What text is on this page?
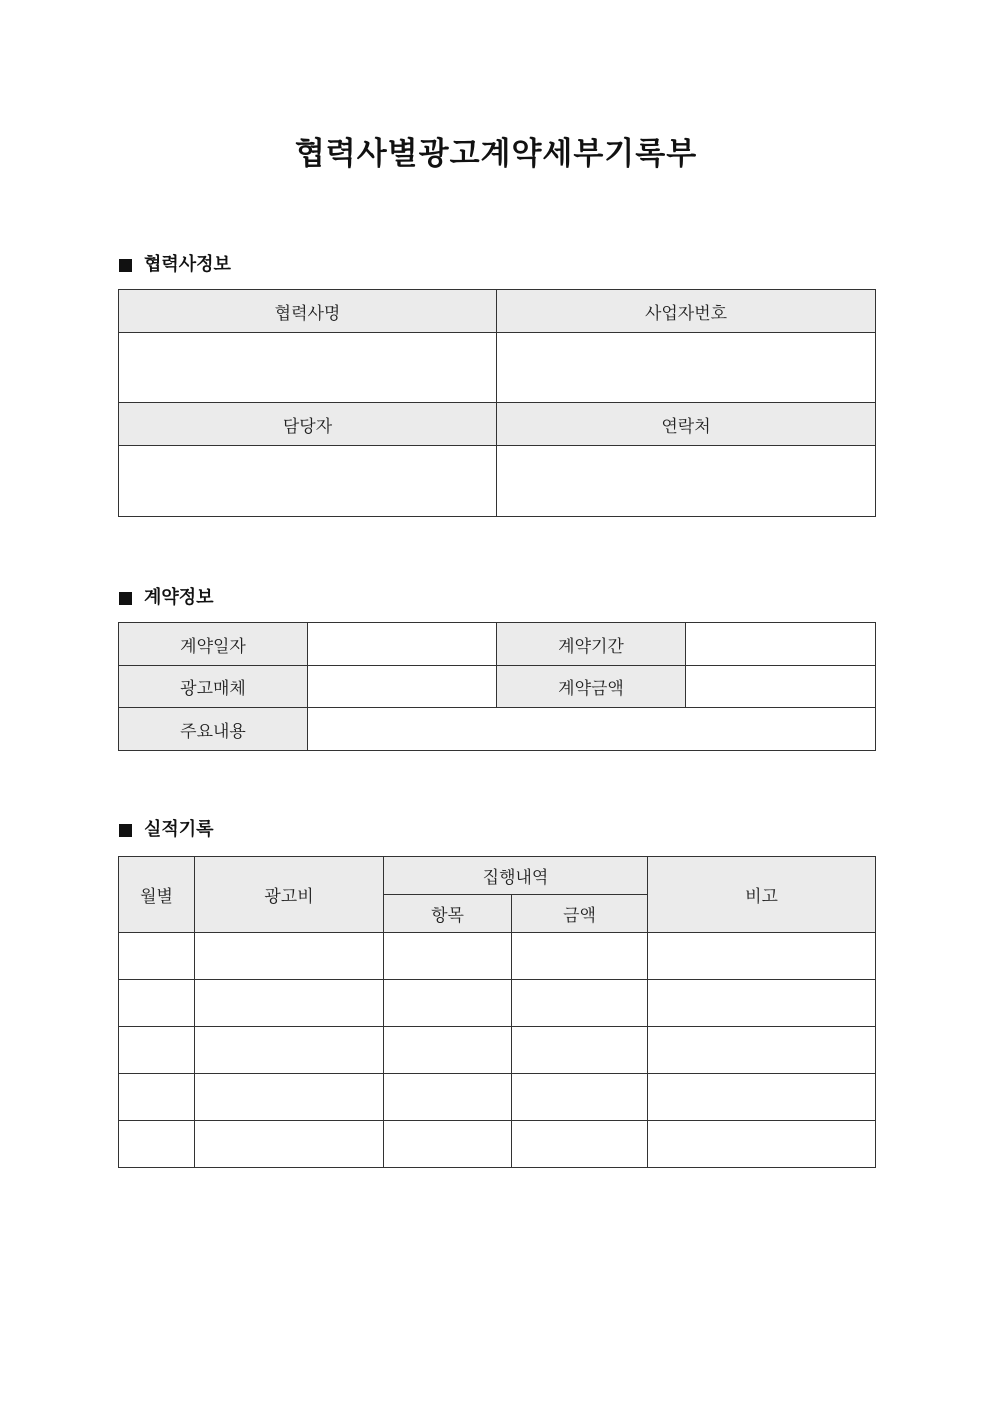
협력사별광고계약세부기록부
협력사정보
협력사명	사업자번호

담당자	연락처

계약정보
계약일자		계약기간	
광고매체		계약금액	
주요내용			
실적기록
월별	광고비	집행내역		비고
		항목	금액	
